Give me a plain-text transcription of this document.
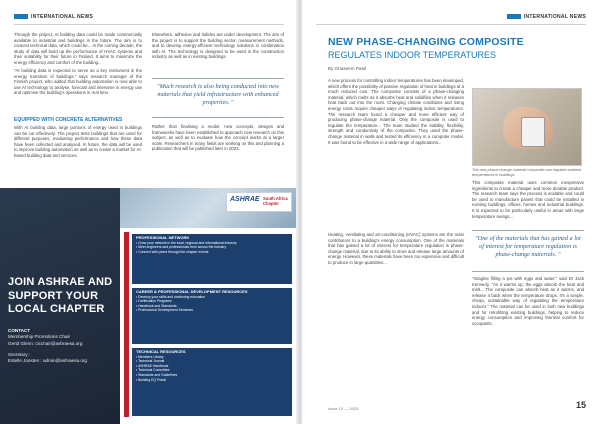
INTERNATIONAL NEWS
Through the project, AI building data could be made commercially available to industrial and buildings in the future. The aim is to connect technical data, which could be... In the coming decade, the study of data will build up the performance of HVAC systems and their suitability for their future in Finland. It aims to maximize the energy efficiency and comfort of the building...
"AI building data is expected to serve as a key instrument in the energy transition of buildings," says research manager of the Finnish project, who added that building automation is now able to use AI technology to analyse, forecast and intervene in energy use and optimise the building's operations in real time.
EQUIPPED WITH CONCRETE ALTERNATIVES
With AI building data, large portions of energy used in buildings can be cut effectively. The project tests buildings that are used for different purposes, evaluating performance and how these data have been collected and analysed. In future, the data will be used to improve building automation as well as to create a market for AI-based building data and services.
Elsewhere, adhesive and halides are under development. The aim of the project is to support the building sector, measurement methods, and to develop energy-efficient technology solutions in combination with AI. The technology is designed to be used in the construction industry as well as in existing buildings.
"Much research is also being conducted into new materials that yield infrastructure with enhanced properties. "
Rather than finalising a model, new concepts, designs and frameworks have been established to approach new research on this subject, as well as to evaluate how the concept works at a larger scale. Researchers in many fields are working on this and planning a publication that will be published later in 2023.
JOIN ASHRAE AND SUPPORT YOUR LOCAL CHAPTER
CONTACT
Membership Promotions Chair
Gerid Glenn: cicchair@ashraesa.org
Secretary :
Estelle Joosten : admin@ashraesa.org
ASHRAE South Africa Chapter
PROFESSIONAL NETWORK
• Grow your network in the local, regional and international industry
• Meet engineers and professionals from across the industry
• Connect with peers through the chapter events
CAREER & PROFESSIONAL DEVELOPMENT RESOURCES
• Develop your skills and continuing education
• Certification Programs
• Handbook and Standards
• Professional Development Seminars
TECHNICAL RESOURCES
• Members Library
• Technical Journal
• ASHRAE Handbook
• Technical Committee
• Standards and Guidelines
• Building EQ Portal
INTERNATIONAL NEWS
NEW PHASE-CHANGING COMPOSITE
REGULATES INDOOR TEMPERATURES
By Ghaseem Patel
A new process for controlling indoor temperatures has been developed, which offers the possibility of passive regulation of heat in buildings at a much reduced cost. The composite consists of a phase-changing material, which melts as it absorbs heat and solidifies when it releases heat back out into the room. Changing climate conditions and rising energy costs require cheaper ways of regulating indoor temperatures. The research team found a cheaper and more efficient way of producing phase-change material. Only the composite is used to regulate the temperature... The team studied the stability, flexibility, strength and conductivity of the composite. They used the phase-change material in walls and tested its efficiency in a computer model. It was found to be effective in a wide range of applications...
Heating, ventilating and air-conditioning (HVAC) systems are the main contributors to a building's energy consumption. One of the materials that has gained a lot of interest for temperature regulation is phase-change material, due to its ability to store and release large amounts of energy. However, these materials have been too expensive and difficult to produce in large quantities...
The new phase-change material composite can regulate ambient temperatures in buildings.
This composite material uses common inexpensive ingredients to create a cheaper and more durable product. The research team says the process is scalable and could be used to manufacture panels that could be installed in existing buildings, offices, homes and industrial buildings. It is expected to be particularly useful in areas with large temperature swings...
"One of the materials that has gained a lot of interest for temperature regulation is phase-change materials. "
"Imagine filling a pot with eggs and water," said Dr Jack Kennedy. "As it warms up, the eggs absorb the heat and melt... The composite can absorb heat as it warms, and release it back when the temperature drops. It's a simple, cheap, sustainable way of regulating the temperature indoors." The material can be used in both new buildings and for retrofitting existing buildings, helping to reduce energy consumption and improving thermal comfort for occupants.
Issue 12 — 2023	15
